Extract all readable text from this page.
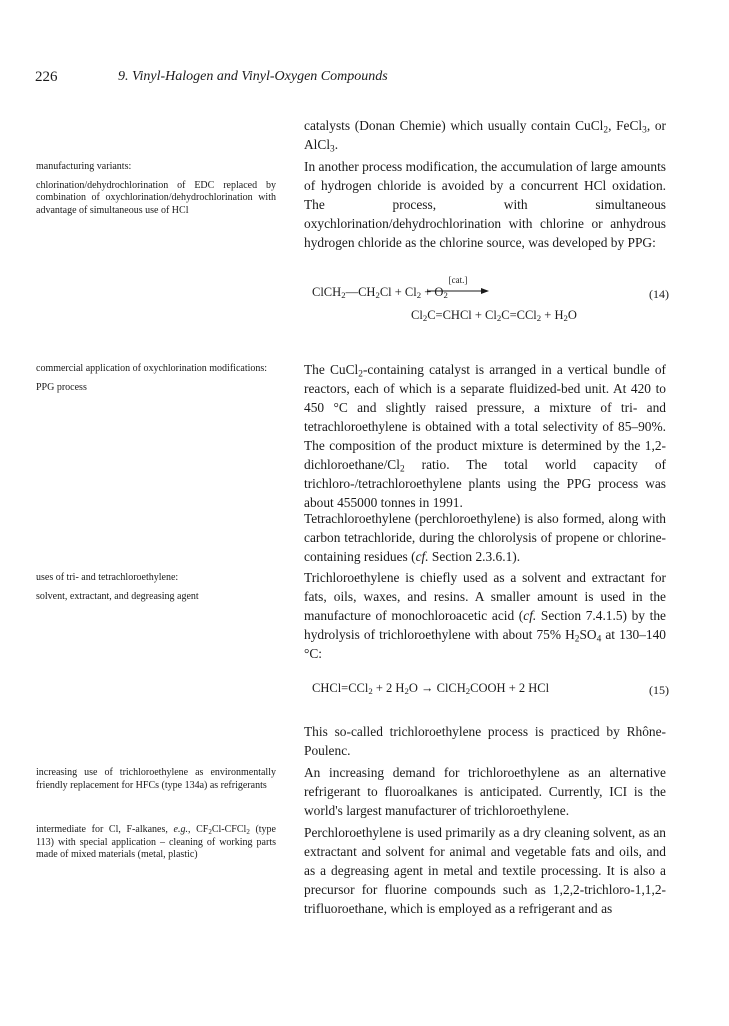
226	9. Vinyl-Halogen and Vinyl-Oxygen Compounds

manufacturing variants:

chlorination/dehydrochlorination of EDC replaced by combination of oxychlorination/dehydrochlorination with advantage of simultaneous use of HCl

commercial application of oxychlorination modifications:

PPG process

uses of tri- and tetrachloroethylene:

solvent, extractant, and degreasing agent

increasing use of trichloroethylene as environmentally friendly replacement for HFCs (type 134a) as refrigerants

intermediate for Cl, F-alkanes, e.g., $CF_2Cl-CFCl_2$ (type 113) with special application – cleaning of working parts made of mixed materials (metal, plastic)

catalysts (Donan Chemie) which usually contain CuCl$_2$, FeCl$_3$, or AlCl$_3$.

In another process modification, the accumulation of large amounts of hydrogen chloride is avoided by a concurrent HCl oxidation. The process, with simultaneous oxychlorination/dehydrochlorination with chlorine or anhydrous hydrogen chloride as the chlorine source, was developed by PPG:

$ClCH_2—CH_2Cl + Cl_2 + O_2$
[cat.]
(14)
$Cl_2C=CHCl + Cl_2C=CCl_2 + H_2O$

The CuCl$_2$-containing catalyst is arranged in a vertical bundle of reactors, each of which is a separate fluidized-bed unit. At 420 to 450 °C and slightly raised pressure, a mixture of tri- and tetrachloroethylene is obtained with a total selectivity of 85–90%. The composition of the product mixture is determined by the $1,2-dichloroethane/Cl_2$ ratio. The total world capacity of trichloro-/tetrachloroethylene plants using the PPG process was about 455000 tonnes in 1991.

Tetrachloroethylene (perchloroethylene) is also formed, along with carbon tetrachloride, during the chlorolysis of propene or chlorine-containing residues (cf. Section 2.3.6.1).

Trichloroethylene is chiefly used as a solvent and extractant for fats, oils, waxes, and resins. A smaller amount is used in the manufacture of monochloroacetic acid (cf. Section 7.4.1.5) by the hydrolysis of trichloroethylene with about 75% $H_2SO_4$ at 130–140 °C:

CHCl=CCl$_2$ + 2 $H_2O$ → ClCH$_2$COOH + 2 HCl	(15)

This so-called trichloroethylene process is practiced by Rhône-Poulenc.

An increasing demand for trichloroethylene as an alternative refrigerant to fluoroalkanes is anticipated. Currently, ICI is the world's largest manufacturer of trichloroethylene.

Perchloroethylene is used primarily as a dry cleaning solvent, as an extractant and solvent for animal and vegetable fats and oils, and as a degreasing agent in metal and textile processing. It is also a precursor for fluorine compounds such as 1,2,2-trichloro-1,1,2- trifluoroethane, which is employed as a refrigerant and as
